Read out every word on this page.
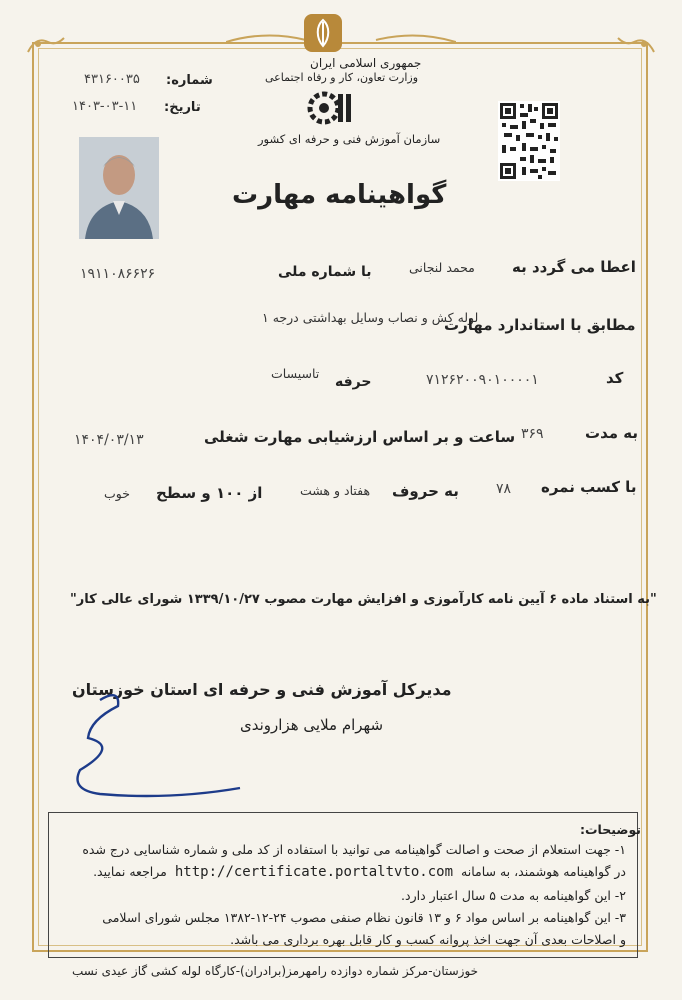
جمهوری اسلامی ایران
وزارت تعاون، کار و رفاه اجتماعی
شماره:
۴۳۱۶۰۰۳۵
تاریخ:
۱۴۰۳-۰۳-۱۱
سازمان آموزش فنی و حرفه ای کشور
گواهینامه مهارت
اعطا می گردد به
محمد لنجانی
با شماره ملی
۱۹۱۱۰۸۶۶۲۶
لوله کش و نصاب وسایل بهداشتی درجه ۱
مطابق با استاندارد مهارت
کد
۷۱۲۶۲۰۰۹۰۱۰۰۰۰۱
تاسیسات
حرفه
به مدت
۳۶۹
ساعت و بر اساس ارزشیابی مهارت شغلی
۱۴۰۴/۰۳/۱۳
با کسب نمره
۷۸
به حروف
هفتاد و هشت
از ۱۰۰ و سطح
خوب
"به استناد ماده ۶ آیین نامه کارآموزی و افزایش مهارت مصوب ۱۳۳۹/۱۰/۲۷ شورای عالی کار"
مدیرکل آموزش فنی و حرفه ای استان خوزستان
شهرام ملایی هزاروندی
توضیحات:
۱- جهت استعلام از صحت و اصالت گواهینامه می توانید با استفاده از کد ملی و شماره شناسایی درج شده
در گواهینامه هوشمند، به سامانه http://certificate.portaltvto.com مراجعه نمایید.
۲- این گواهینامه به مدت ۵ سال اعتبار دارد.
۳- این گواهینامه بر اساس مواد ۶ و ۱۳ قانون نظام صنفی مصوب ۲۴-۱۲-۱۳۸۲ مجلس شورای اسلامی
و اصلاحات بعدی آن جهت اخذ پروانه کسب و کار قابل بهره برداری می باشد.
خوزستان-مرکز شماره دوازده رامهرمز(برادران)-کارگاه لوله کشی گاز عیدی نسب
